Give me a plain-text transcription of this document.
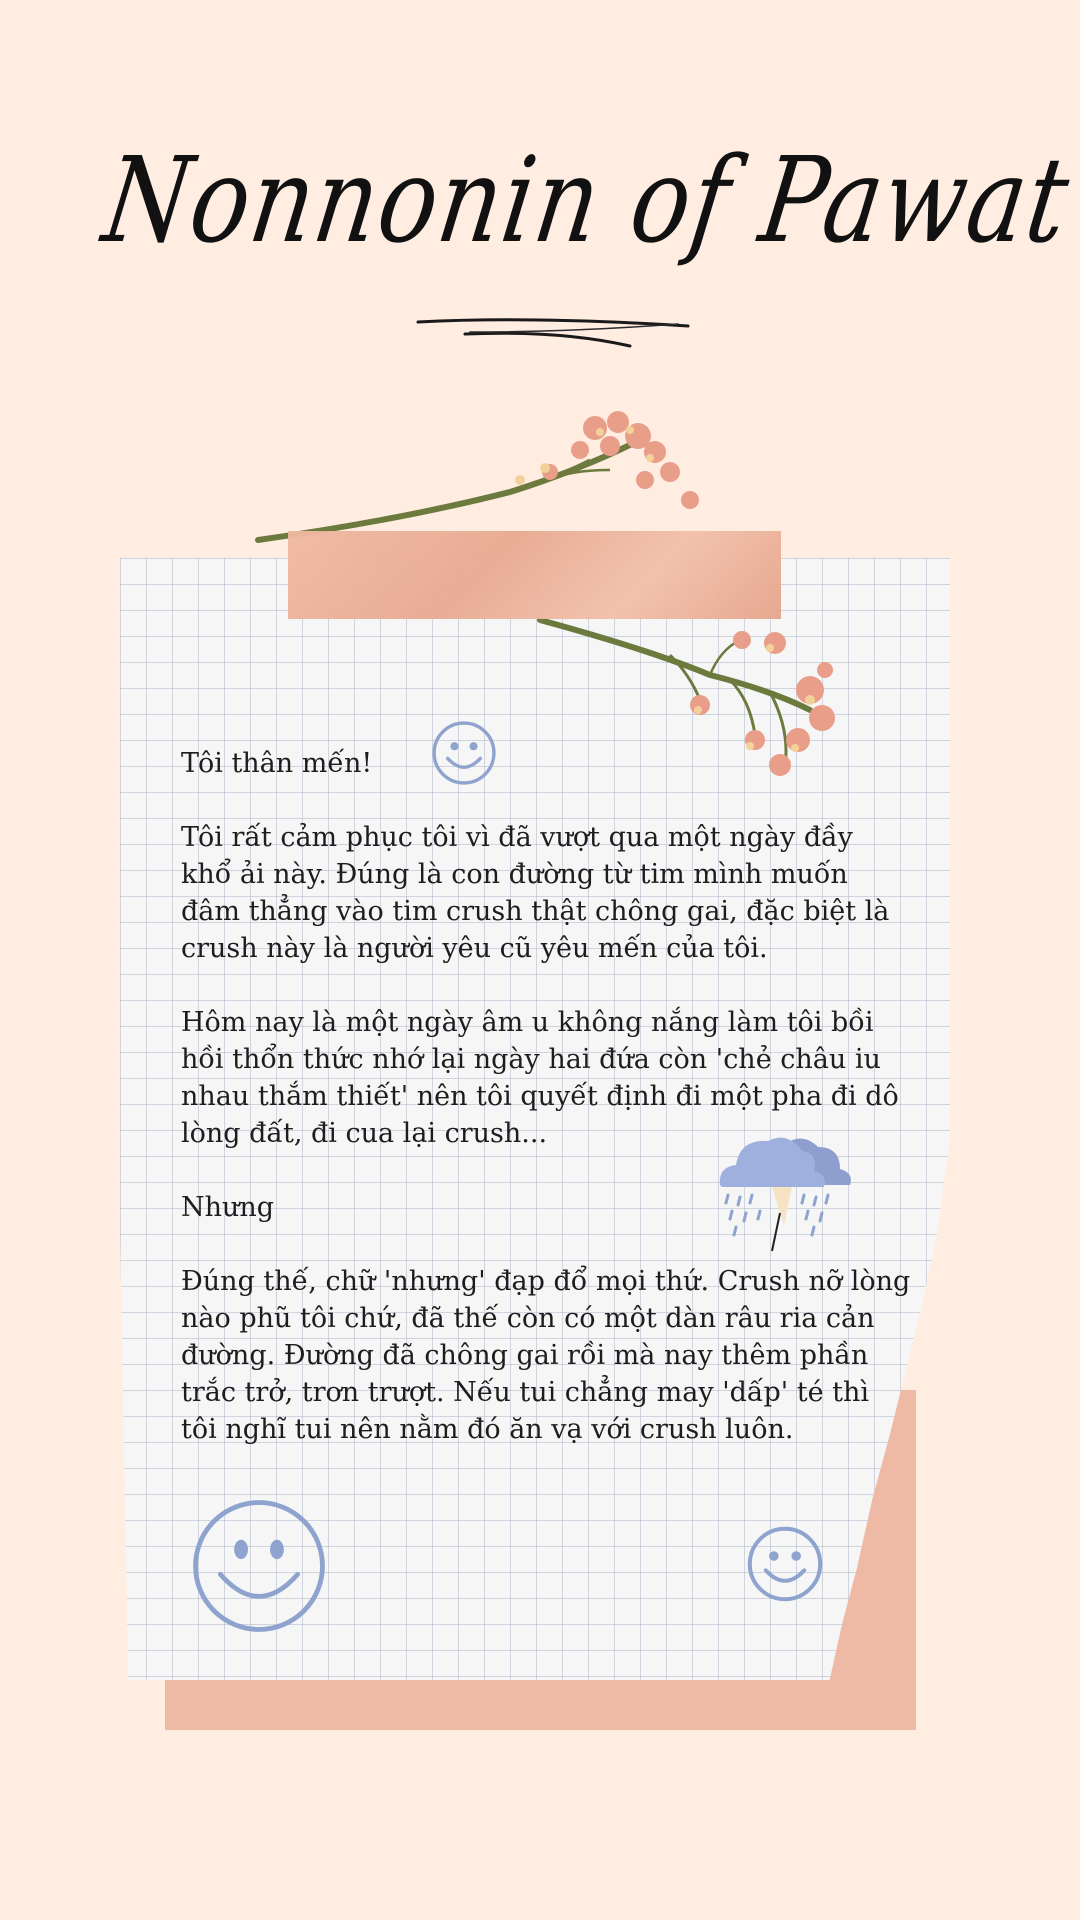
Nonnonin of Pawat

Tôi thân mến!

Tôi rất cảm phục tôi vì đã vượt qua một ngày đầy khổ ải này. Đúng là con đường từ tim mình muốn đâm thẳng vào tim crush thật chông gai, đặc biệt là crush này là người yêu cũ yêu mến của tôi.

Hôm nay là một ngày âm u không nắng làm tôi bồi hồi thổn thức nhớ lại ngày hai đứa còn 'chẻ châu iu nhau thắm thiết' nên tôi quyết định đi một pha đi dô lòng đất, đi cua lại crush...

Nhưng

Đúng thế, chữ 'nhưng' đạp đổ mọi thứ. Crush nỡ lòng nào phũ tôi chứ, đã thế còn có một dàn râu ria cản đường. Đường đã chông gai rồi mà nay thêm phần trắc trở, trơn trượt. Nếu tui chẳng may 'dấp' té thì tôi nghĩ tui nên nằm đó ăn vạ với crush luôn.
